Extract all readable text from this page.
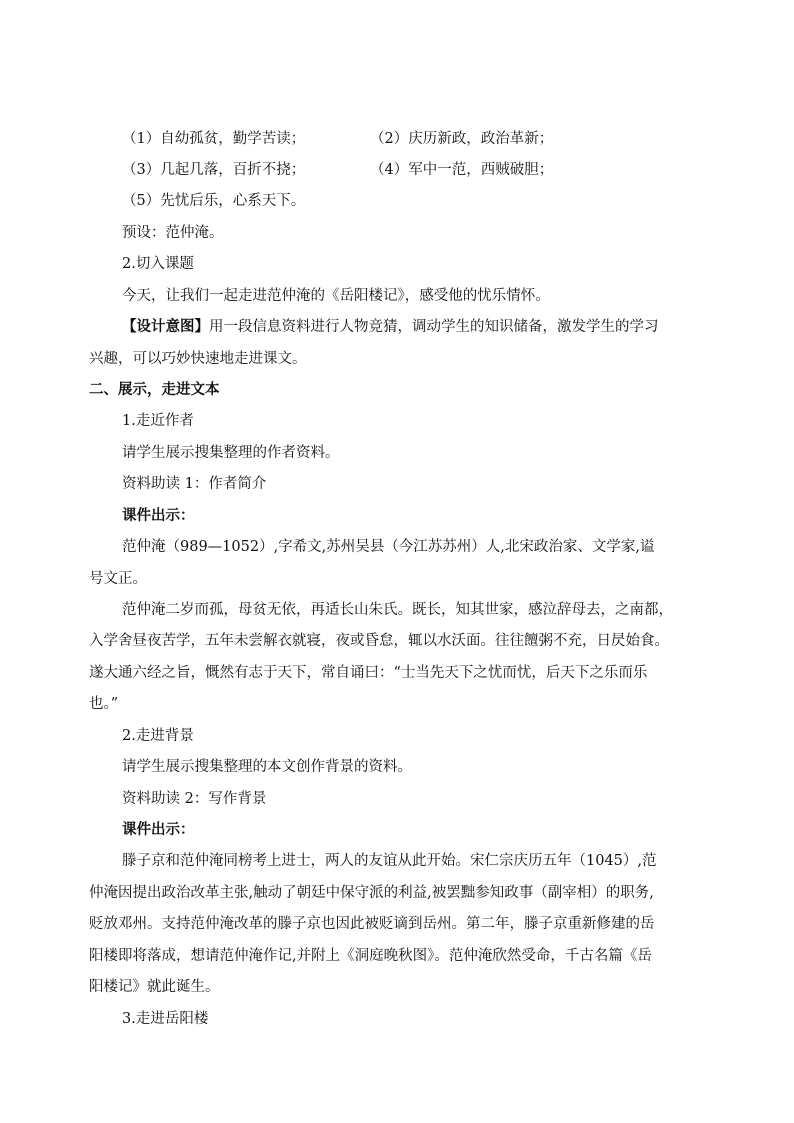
（1）自幼孤贫，勤学苦读；	（2）庆历新政，政治革新；
（3）几起几落，百折不挠；	（4）军中一范，西贼破胆；
（5）先忧后乐，心系天下。
预设：范仲淹。
2.切入课题
今天，让我们一起走进范仲淹的《岳阳楼记》，感受他的忧乐情怀。
【设计意图】用一段信息资料进行人物竞猜，调动学生的知识储备，激发学生的学习
兴趣，可以巧妙快速地走进课文。
二、展示，走进文本
1.走近作者
请学生展示搜集整理的作者资料。
资料助读 1：作者简介
课件出示：
范仲淹（989—1052）,字希文,苏州吴县（今江苏苏州）人,北宋政治家、文学家,谥
号文正。
范仲淹二岁而孤，母贫无依，再适长山朱氏。既长，知其世家，感泣辞母去，之南都，
入学舍昼夜苦学，五年未尝解衣就寝，夜或昏怠，辄以水沃面。往往饘粥不充，日昃始食。
遂大通六经之旨，慨然有志于天下，常自诵曰：“士当先天下之忧而忧，后天下之乐而乐
也。”
2.走进背景
请学生展示搜集整理的本文创作背景的资料。
资料助读 2：写作背景
课件出示：
滕子京和范仲淹同榜考上进士，两人的友谊从此开始。宋仁宗庆历五年（1045）,范
仲淹因提出政治改革主张,触动了朝廷中保守派的利益,被罢黜参知政事（副宰相）的职务,
贬放邓州。支持范仲淹改革的滕子京也因此被贬谪到岳州。第二年，滕子京重新修建的岳
阳楼即将落成，想请范仲淹作记,并附上《洞庭晚秋图》。范仲淹欣然受命，千古名篇《岳
阳楼记》就此诞生。
3.走进岳阳楼
